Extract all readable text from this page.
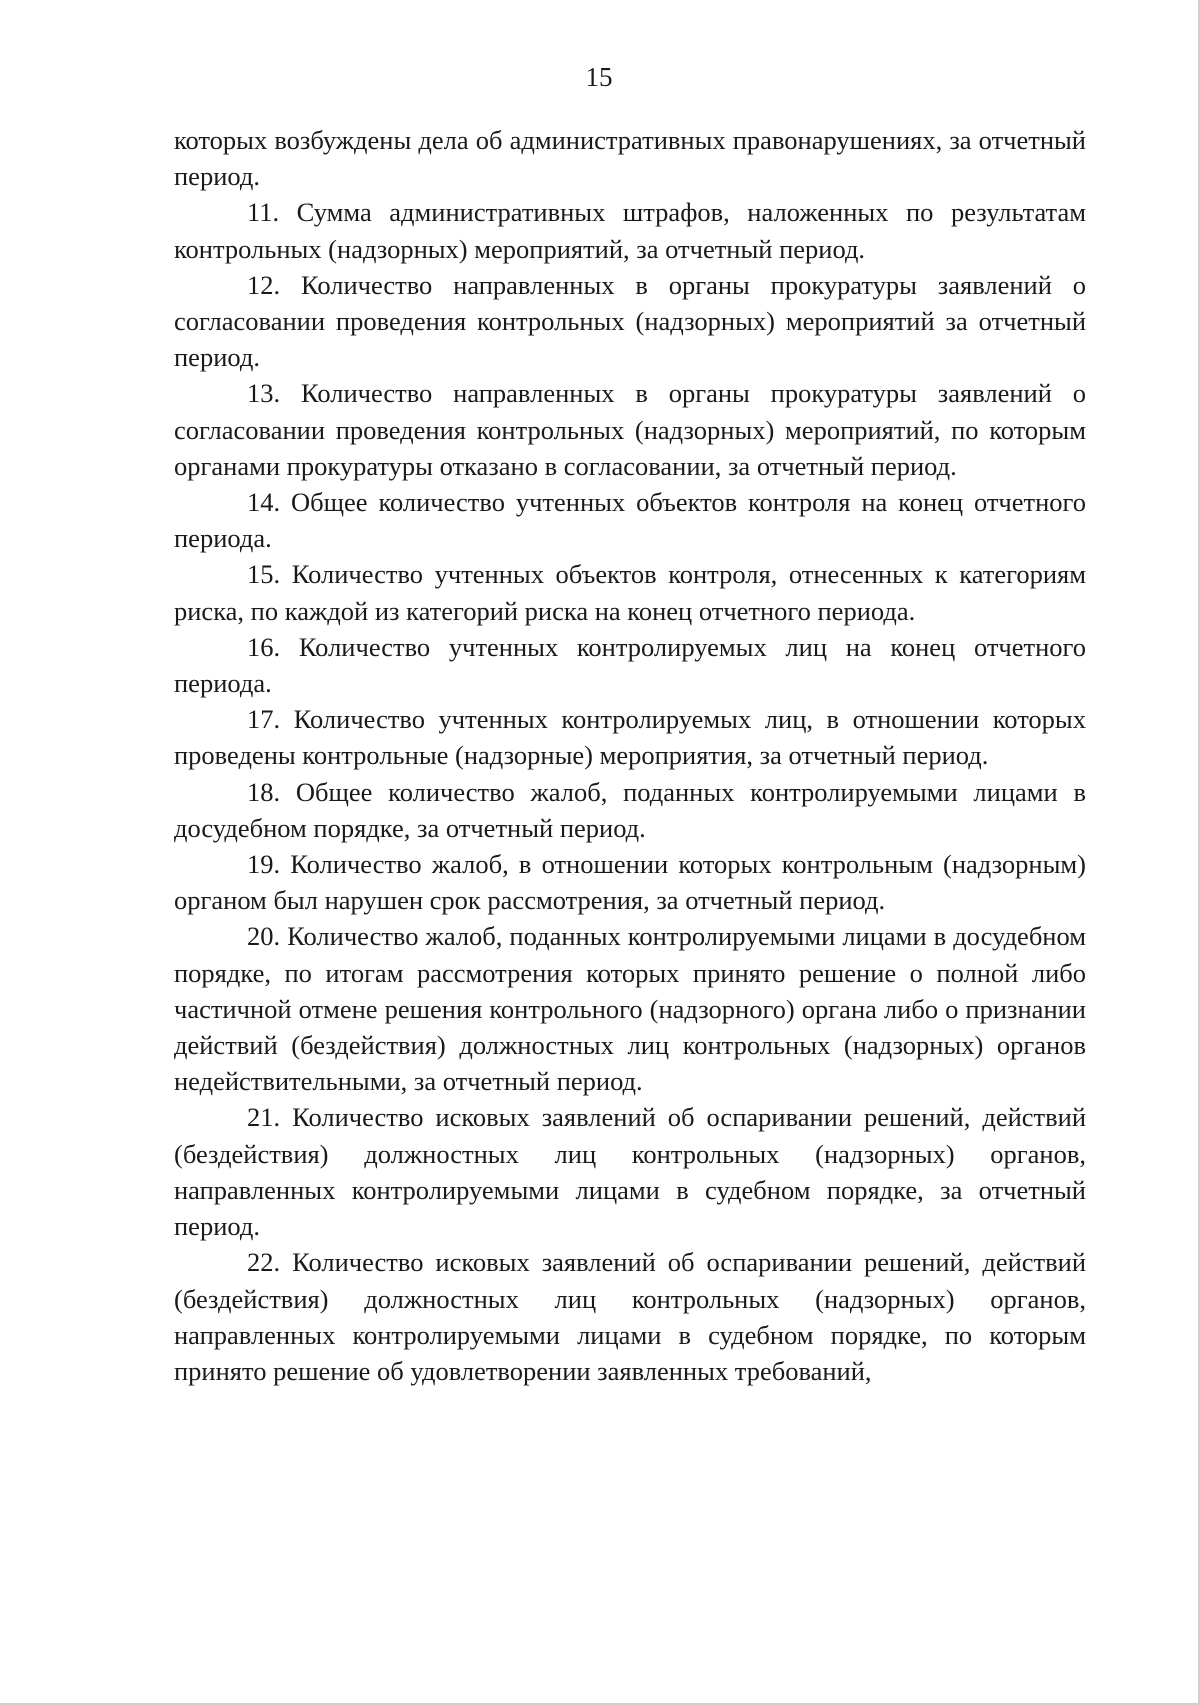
15

которых возбуждены дела об административных правонарушениях, за отчетный период.

11. Сумма административных штрафов, наложенных по результатам контрольных (надзорных) мероприятий, за отчетный период.

12. Количество направленных в органы прокуратуры заявлений о согласовании проведения контрольных (надзорных) мероприятий за отчетный период.

13. Количество направленных в органы прокуратуры заявлений о согласовании проведения контрольных (надзорных) мероприятий, по которым органами прокуратуры отказано в согласовании, за отчетный период.

14. Общее количество учтенных объектов контроля на конец отчетного периода.

15. Количество учтенных объектов контроля, отнесенных к категориям риска, по каждой из категорий риска на конец отчетного периода.

16. Количество учтенных контролируемых лиц на конец отчетного периода.

17. Количество учтенных контролируемых лиц, в отношении которых проведены контрольные (надзорные) мероприятия, за отчетный период.

18. Общее количество жалоб, поданных контролируемыми лицами в досудебном порядке, за отчетный период.

19. Количество жалоб, в отношении которых контрольным (надзорным) органом был нарушен срок рассмотрения, за отчетный период.

20. Количество жалоб, поданных контролируемыми лицами в досудебном порядке, по итогам рассмотрения которых принято решение о полной либо частичной отмене решения контрольного (надзорного) органа либо о признании действий (бездействия) должностных лиц контрольных (надзорных) органов недействительными, за отчетный период.

21. Количество исковых заявлений об оспаривании решений, действий (бездействия) должностных лиц контрольных (надзорных) органов, направленных контролируемыми лицами в судебном порядке, за отчетный период.

22. Количество исковых заявлений об оспаривании решений, действий (бездействия) должностных лиц контрольных (надзорных) органов, направленных контролируемыми лицами в судебном порядке, по которым принято решение об удовлетворении заявленных требований,
